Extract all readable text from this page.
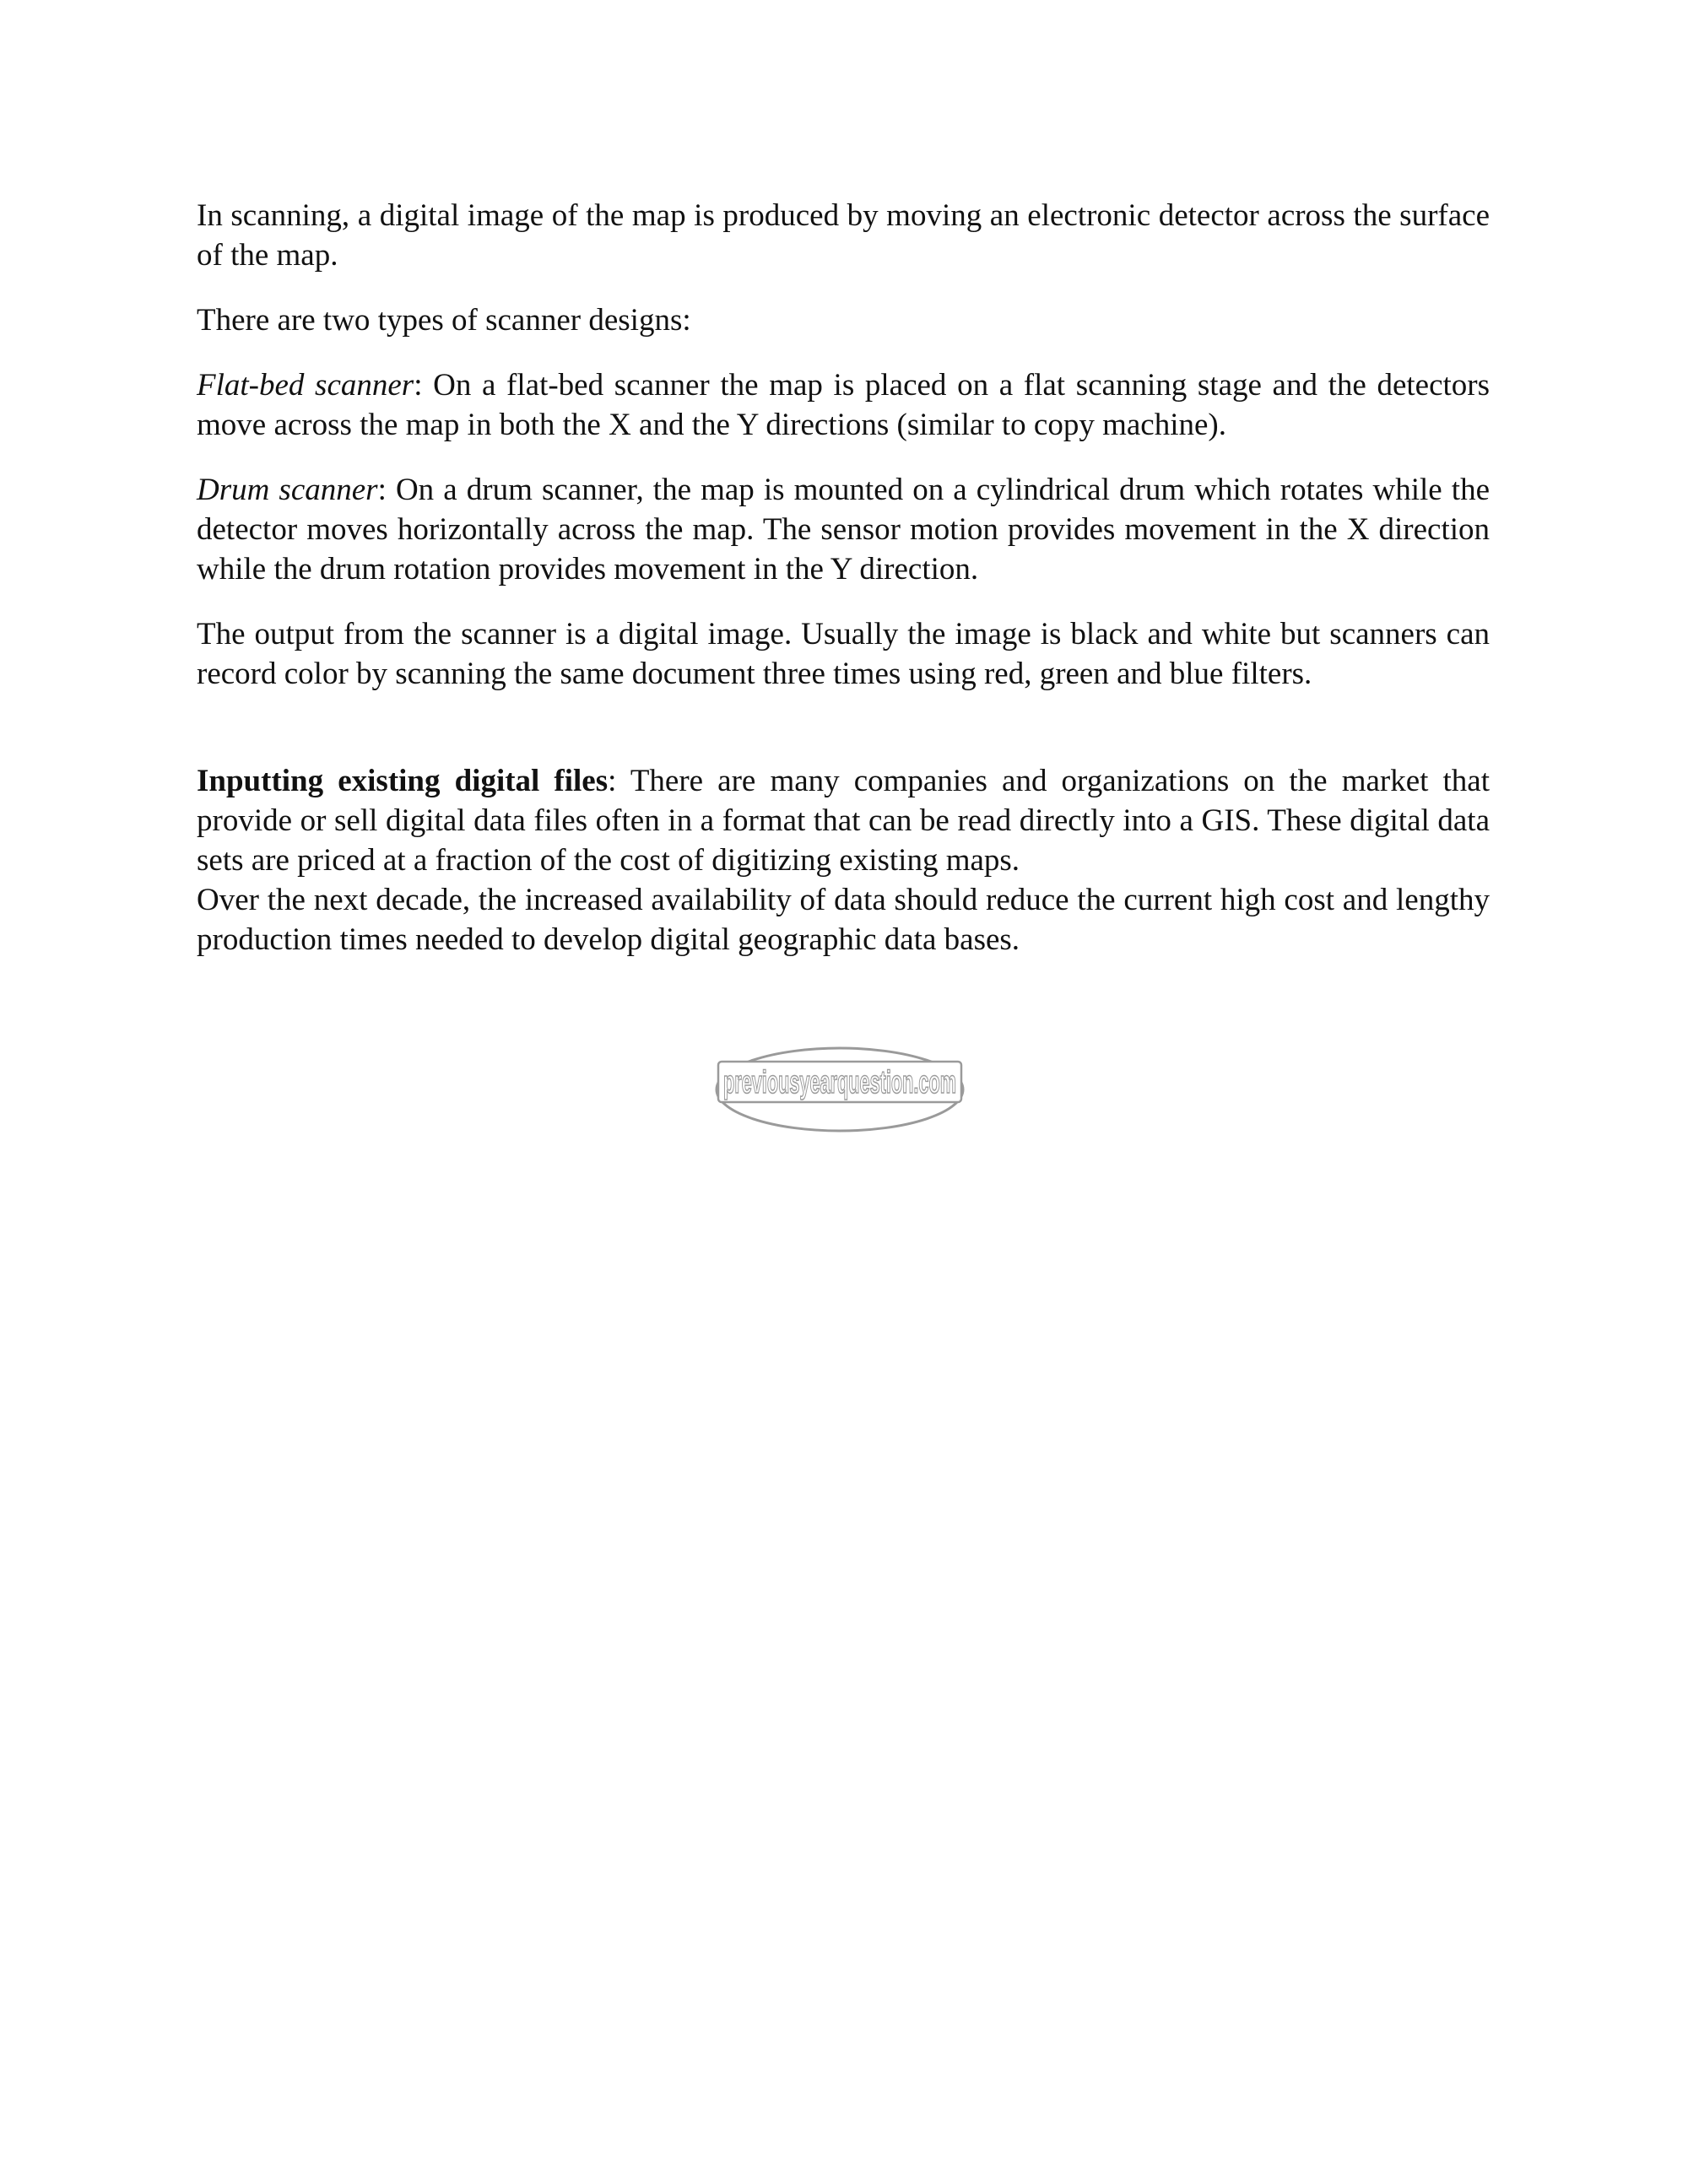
In scanning, a digital image of the map is produced by moving an electronic detector across the surface of the map.

There are two types of scanner designs:

Flat-bed scanner: On a flat-bed scanner the map is placed on a flat scanning stage and the detectors move across the map in both the X and the Y directions (similar to copy machine).

Drum scanner: On a drum scanner, the map is mounted on a cylindrical drum which rotates while the detector moves horizontally across the map. The sensor motion provides movement in the X direction while the drum rotation provides movement in the Y direction.

The output from the scanner is a digital image. Usually the image is black and white but scanners can record color by scanning the same document three times using red, green and blue filters.

Inputting existing digital files: There are many companies and organizations on the market that provide or sell digital data files often in a format that can be read directly into a GIS. These digital data sets are priced at a fraction of the cost of digitizing existing maps.

Over the next decade, the increased availability of data should reduce the current high cost and lengthy production times needed to develop digital geographic data bases.

previousyearquestion.com
